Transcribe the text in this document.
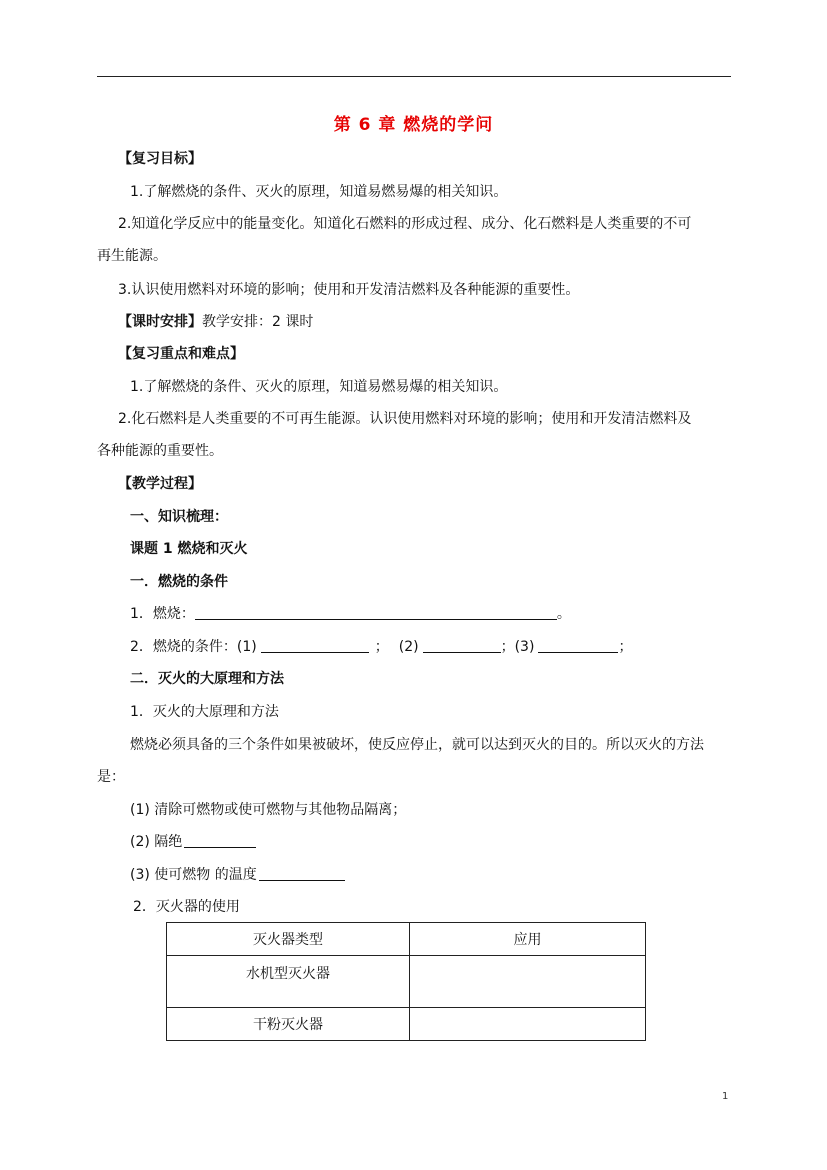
第 6 章 燃烧的学问
【复习目标】
1.了解燃烧的条件、灭火的原理，知道易燃易爆的相关知识。
2.知道化学反应中的能量变化。知道化石燃料的形成过程、成分、化石燃料是人类重要的不可
再生能源。
3.认识使用燃料对环境的影响；使用和开发清洁燃料及各种能源的重要性。
【课时安排】教学安排：2 课时
【复习重点和难点】
1.了解燃烧的条件、灭火的原理，知道易燃易爆的相关知识。
2.化石燃料是人类重要的不可再生能源。认识使用燃料对环境的影响；使用和开发清洁燃料及
各种能源的重要性。
【教学过程】
一、知识梳理：
课题 1 燃烧和灭火
一．燃烧的条件
1．燃烧：	。
2．燃烧的条件：(1)	； (2)	；(3)	；
二．灭火的大原理和方法
1．灭火的大原理和方法
燃烧必须具备的三个条件如果被破坏，使反应停止，就可以达到灭火的目的。所以灭火的方法
是：
(1) 清除可燃物或使可燃物与其他物品隔离；
(2) 隔绝
(3) 使可燃物 的温度
2．灭火器的使用
灭火器类型	应用
水机型灭火器	
干粉灭火器	
1
